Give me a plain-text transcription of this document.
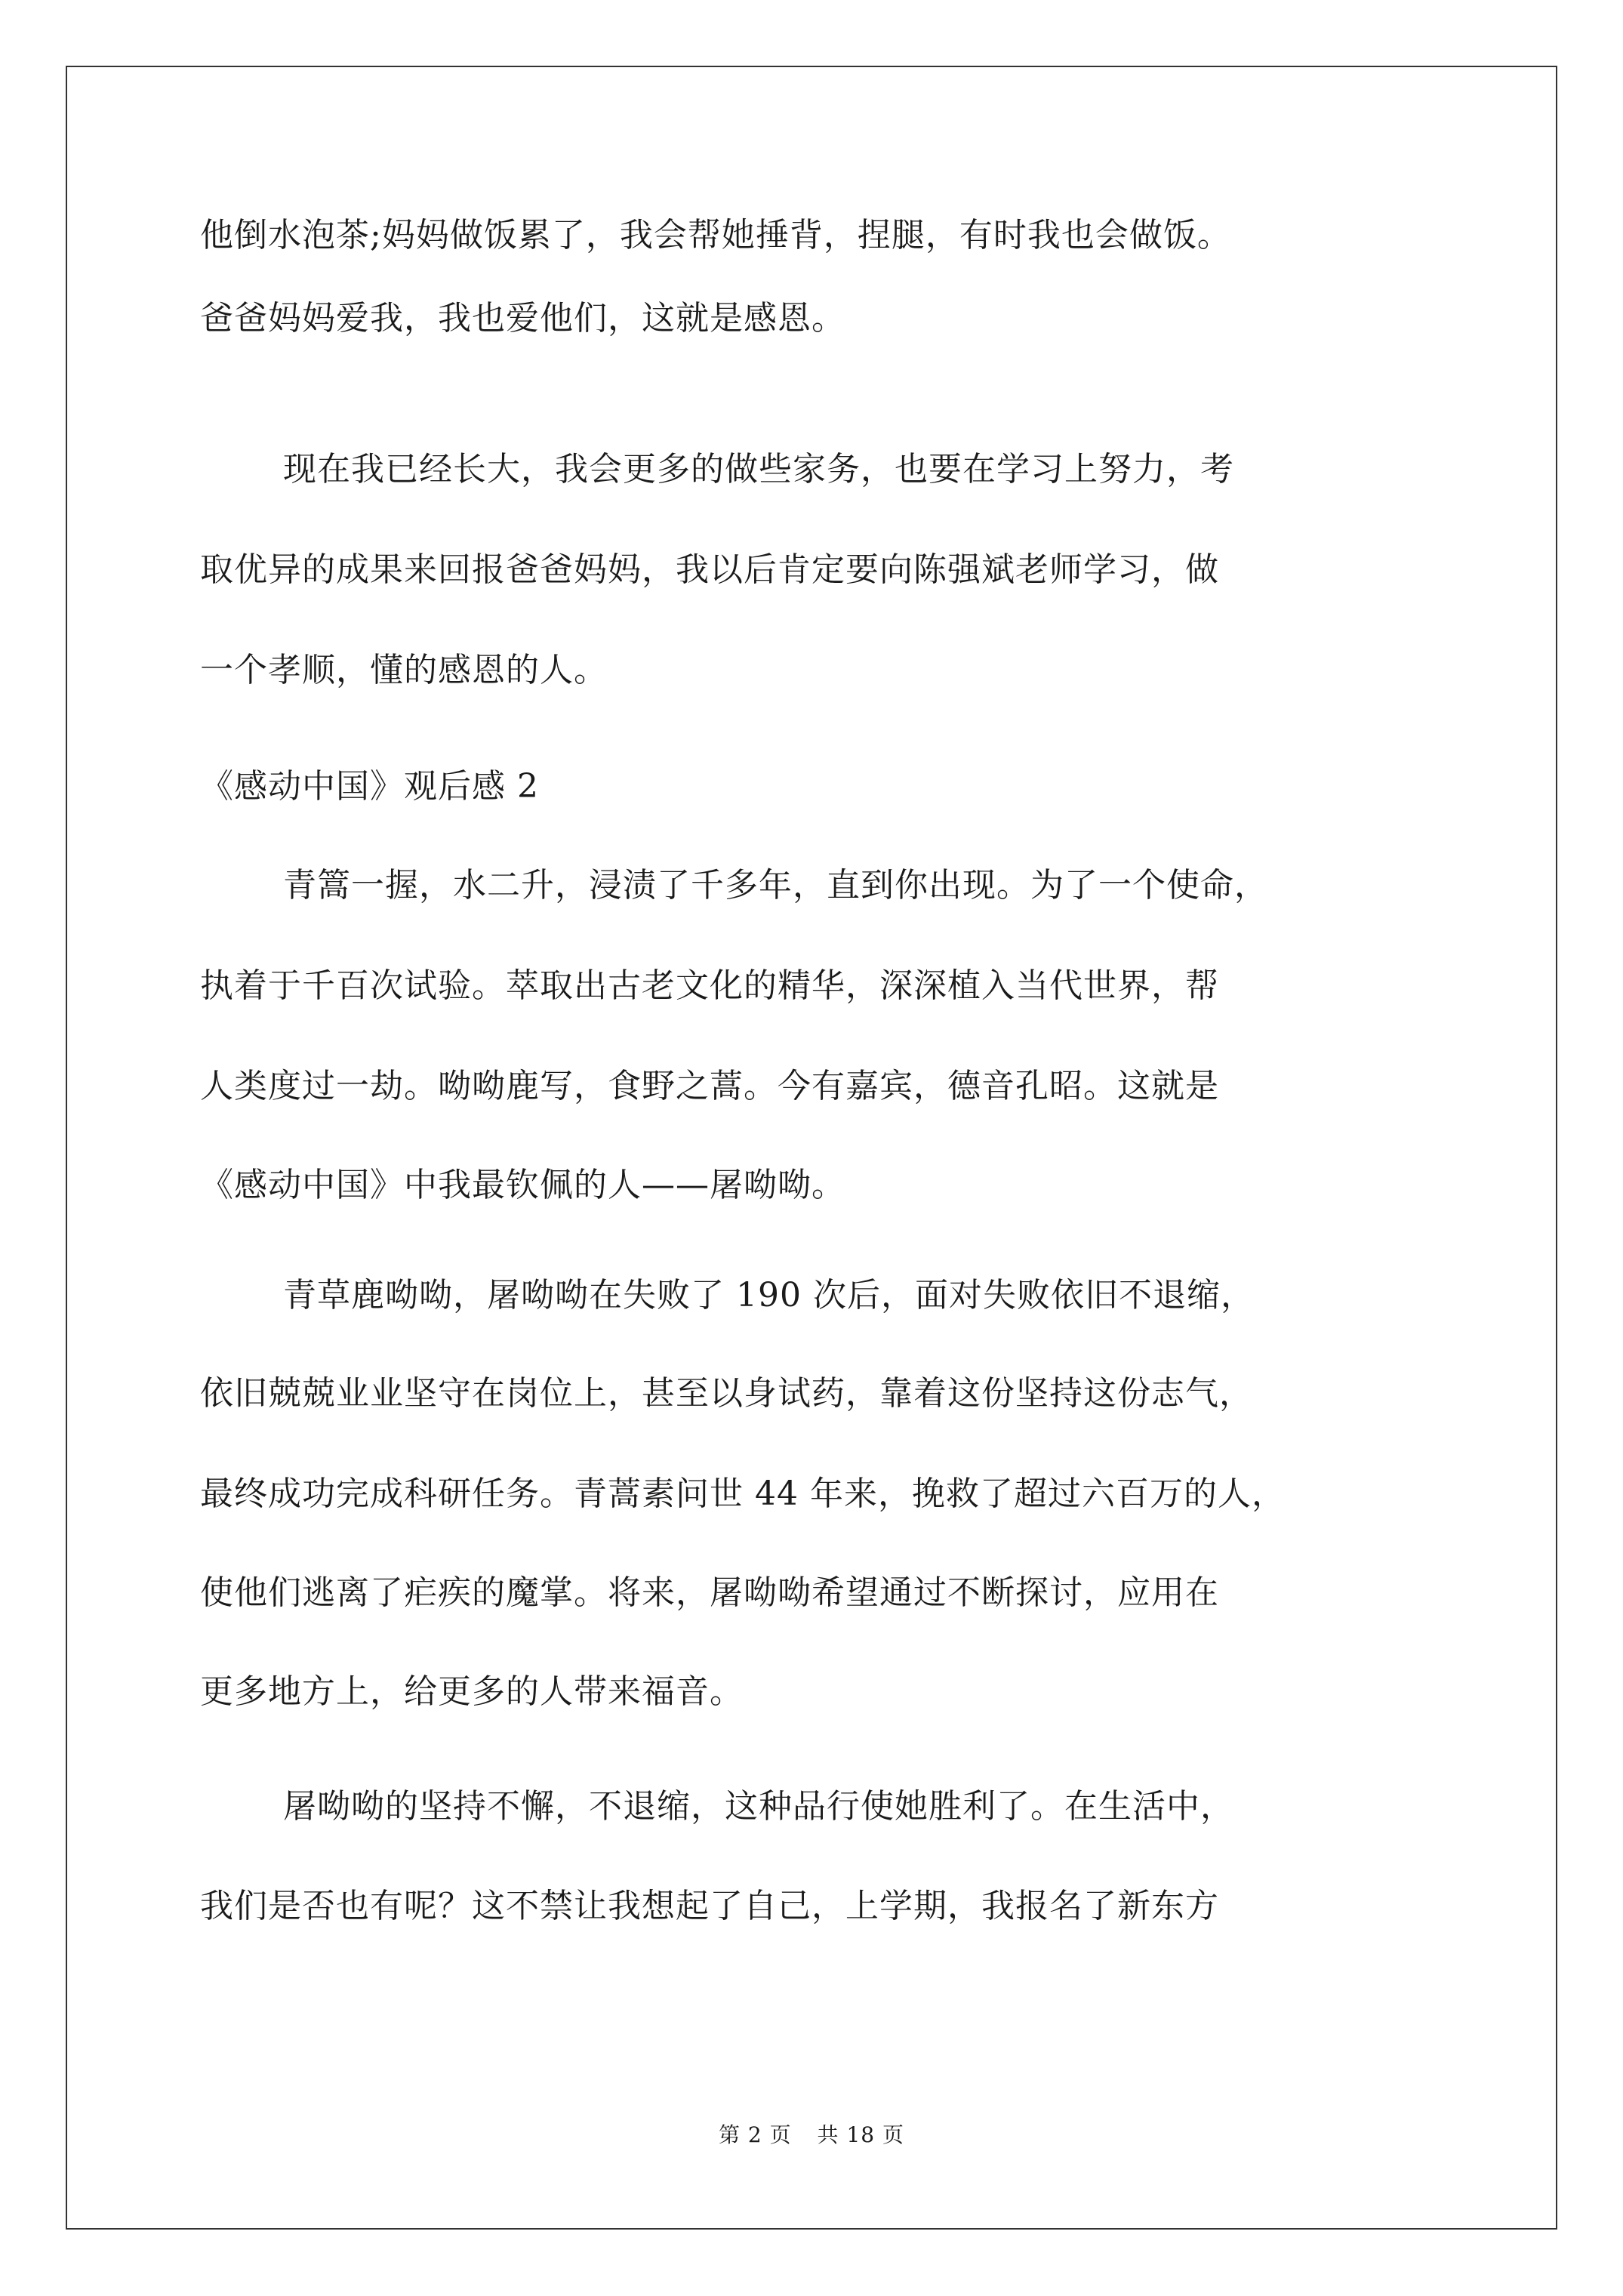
他倒水泡茶;妈妈做饭累了，我会帮她捶背，捏腿，有时我也会做饭。
爸爸妈妈爱我，我也爱他们，这就是感恩。
现在我已经长大，我会更多的做些家务，也要在学习上努力，考
取优异的成果来回报爸爸妈妈，我以后肯定要向陈强斌老师学习，做
一个孝顺，懂的感恩的人。
《感动中国》观后感 2
青篙一握，水二升，浸渍了千多年，直到你出现。为了一个使命，
执着于千百次试验。萃取出古老文化的精华，深深植入当代世界，帮
人类度过一劫。呦呦鹿写，食野之蒿。今有嘉宾，德音孔昭。这就是
《感动中国》中我最钦佩的人——屠呦呦。
青草鹿呦呦，屠呦呦在失败了 190 次后，面对失败依旧不退缩，
依旧兢兢业业坚守在岗位上，甚至以身试药，靠着这份坚持这份志气，
最终成功完成科研任务。青蒿素问世 44 年来，挽救了超过六百万的人，
使他们逃离了疟疾的魔掌。将来，屠呦呦希望通过不断探讨，应用在
更多地方上，给更多的人带来福音。
屠呦呦的坚持不懈，不退缩，这种品行使她胜利了。在生活中，
我们是否也有呢？这不禁让我想起了自己，上学期，我报名了新东方
第 2 页 共 18 页
